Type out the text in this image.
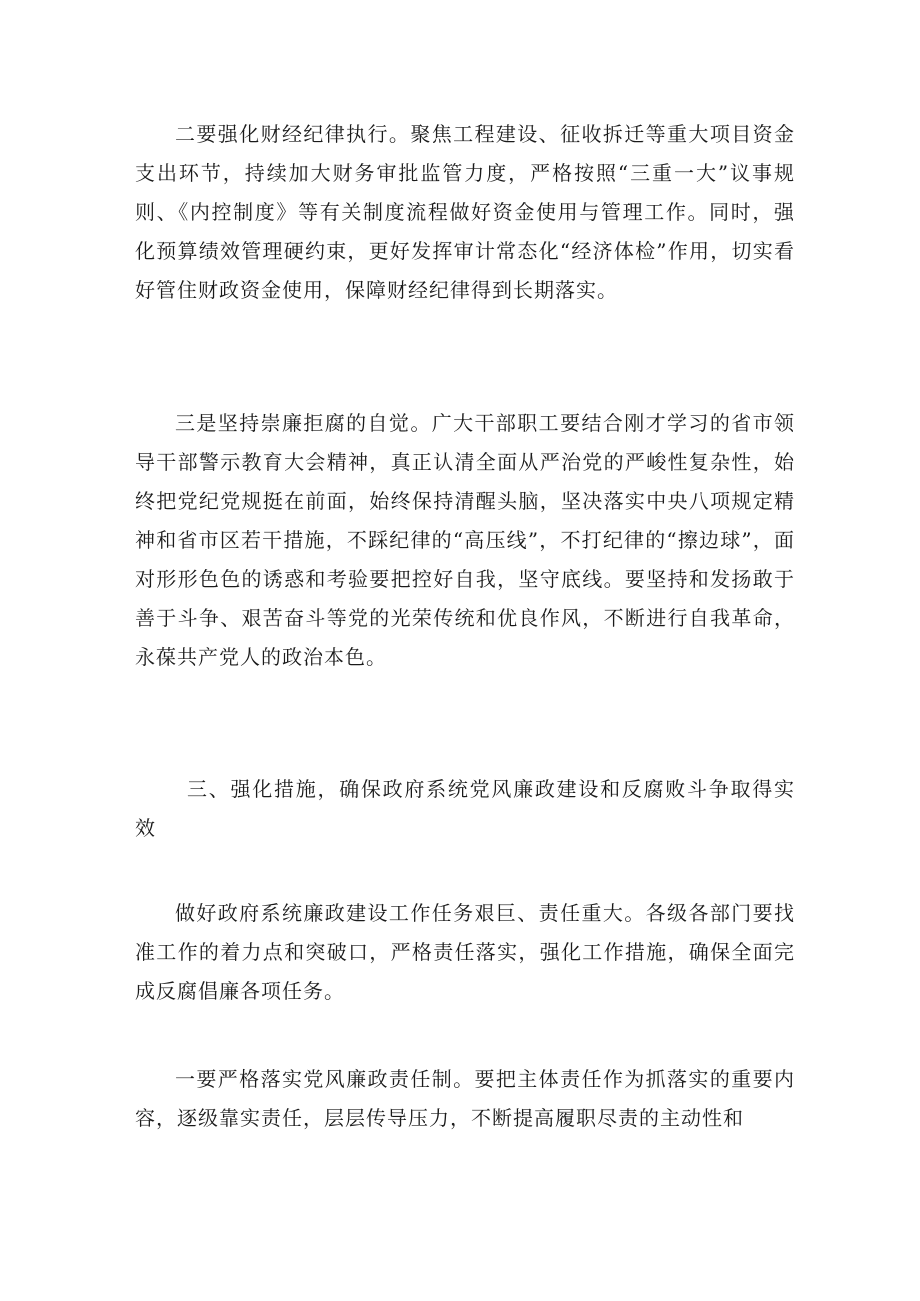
二要强化财经纪律执行。聚焦工程建设、征收拆迁等重大项目资金支出环节，持续加大财务审批监管力度，严格按照“三重一大”议事规则、《内控制度》等有关制度流程做好资金使用与管理工作。同时，强化预算绩效管理硬约束，更好发挥审计常态化“经济体检”作用，切实看好管住财政资金使用，保障财经纪律得到长期落实。

三是坚持崇廉拒腐的自觉。广大干部职工要结合刚才学习的省市领导干部警示教育大会精神，真正认清全面从严治党的严峻性复杂性，始终把党纪党规挺在前面，始终保持清醒头脑，坚决落实中央八项规定精神和省市区若干措施，不踩纪律的“高压线”，不打纪律的“擦边球”，面对形形色色的诱惑和考验要把控好自我，坚守底线。要坚持和发扬敢于善于斗争、艰苦奋斗等党的光荣传统和优良作风，不断进行自我革命，永葆共产党人的政治本色。

三、强化措施，确保政府系统党风廉政建设和反腐败斗争取得实效

做好政府系统廉政建设工作任务艰巨、责任重大。各级各部门要找准工作的着力点和突破口，严格责任落实，强化工作措施，确保全面完成反腐倡廉各项任务。

一要严格落实党风廉政责任制。要把主体责任作为抓落实的重要内容，逐级靠实责任，层层传导压力，不断提高履职尽责的主动性和
